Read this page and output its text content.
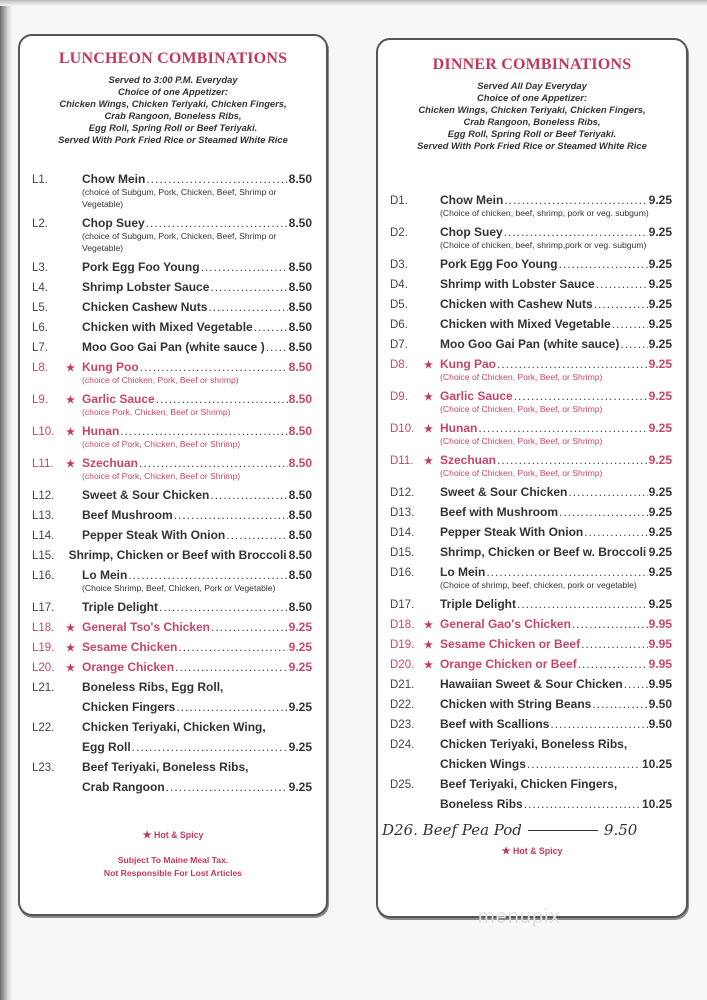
LUNCHEON COMBINATIONS
Served to 3:00 P.M. Everyday
Choice of one Appetizer:
Chicken Wings, Chicken Teriyaki, Chicken Fingers,
Crab Rangoon, Boneless Ribs,
Egg Roll, Spring Roll or Beef Teriyaki.
Served With Pork Fried Rice or Steamed White Rice
L1.	Chow Mein .....	8.50
(choice of Subgum, Pork, Chicken, Beef, Shrimp or Vegetable)
L2.	Chop Suey .....	8.50
(choice of Subgum, Pork, Chicken, Beef, Shrimp or Vegetable)
L3.	Pork Egg Foo Young .....	8.50
L4.	Shrimp Lobster Sauce .....	8.50
L5.	Chicken Cashew Nuts .....	8.50
L6.	Chicken with Mixed Vegetable .....	8.50
L7.	Moo Goo Gai Pan (white sauce ) ..... 8.50
L8.	★ Kung Poo .....	8.50
(choice of Chicken, Pork, Beef or shrimp)
L9.	★ Garlic Sauce .....	8.50
(choice Pork, Chicken, Beef or Shrimp)
L10.	★ Hunan .....	8.50
(choice of Pork, Chicken, Beef or Shrimp)
L11.	★ Szechuan .....	8.50
(choice of Pork, Chicken, Beef or Shrimp)
L12.	Sweet & Sour Chicken .....	8.50
L13.	Beef Mushroom .....	8.50
L14.	Pepper Steak With Onion .....	8.50
L15. Shrimp, Chicken or Beef with Broccoli 8.50
L16.	Lo Mein .....	8.50
(Choice Shrimp, Beef, Chicken, Pork or Vegetable)
L17.	Triple Delight .....	8.50
L18.	★ General Tso's Chicken .....	9.25
L19.	★ Sesame Chicken .....	9.25
L20.	★ Orange Chicken .....	9.25
L21.	Boneless Ribs, Egg Roll,
Chicken Fingers .....	9.25
L22.	Chicken Teriyaki, Chicken Wing,
Egg Roll .....	9.25
L23.	Beef Teriyaki, Boneless Ribs,
Crab Rangoon .....	9.25
★ Hot & Spicy
Subject To Maine Meal Tax.
Not Responsible For Lost Articles
DINNER COMBINATIONS
Served All Day Everyday
Choice of one Appetizer:
Chicken Wings, Chicken Teriyaki, Chicken Fingers,
Crab Rangoon, Boneless Ribs,
Egg Roll, Spring Roll or Beef Teriyaki.
Served With Pork Fried Rice or Steamed White Rice
D1.	Chow Mein .....	9.25
(Choice of chicken, beef, shrimp, pork or veg. subgum)
D2.	Chop Suey .....	9.25
(Choice of chicken, beef, shrimp,pork or veg. subgum)
D3.	Pork Egg Foo Young .....	9.25
D4.	Shrimp with Lobster Sauce .....	9.25
D5.	Chicken with Cashew Nuts .....	9.25
D6.	Chicken with Mixed Vegetable .....	9.25
D7.	Moo Goo Gai Pan (white sauce) ..... 9.25
D8.	★ Kung Pao .....	9.25
(Choice of Chicken, Pork, Beef, or Shrimp)
D9.	★ Garlic Sauce .....	9.25
(Choice of Chicken, Pork, Beef, or Shrimp)
D10. ★ Hunan .....	9.25
(Choice of Chicken, Pork, Beef, or Shrimp)
D11.	★ Szechuan .....	9.25
(Choice of Chicken, Pork, Beef, or Shrimp)
D12.	Sweet & Sour Chicken .....	9.25
D13.	Beef with Mushroom .....	9.25
D14.	Pepper Steak With Onion .....	9.25
D15.	Shrimp, Chicken or Beef w. Broccoli ..... 9.25
D16.	Lo Mein .....	9.25
(Choice of shrimp, beef, chicken, pork or vegetable)
D17.	Triple Delight .....	9.25
D18. ★ General Gao's Chicken .....	9.95
D19. ★ Sesame Chicken or Beef .....	9.95
D20. ★ Orange Chicken or Beef .....	9.95
D21.	Hawaiian Sweet & Sour Chicken ..... 9.95
D22.	Chicken with String Beans .....	9.50
D23.	Beef with Scallions .....	9.50
D24.	Chicken Teriyaki, Boneless Ribs,
Chicken Wings .....	10.25
D25.	Beef Teriyaki, Chicken Fingers,
Boneless Ribs .....	10.25
D26.
Beef Pea Pod	9.50
★ Hot & Spicy
menupix
